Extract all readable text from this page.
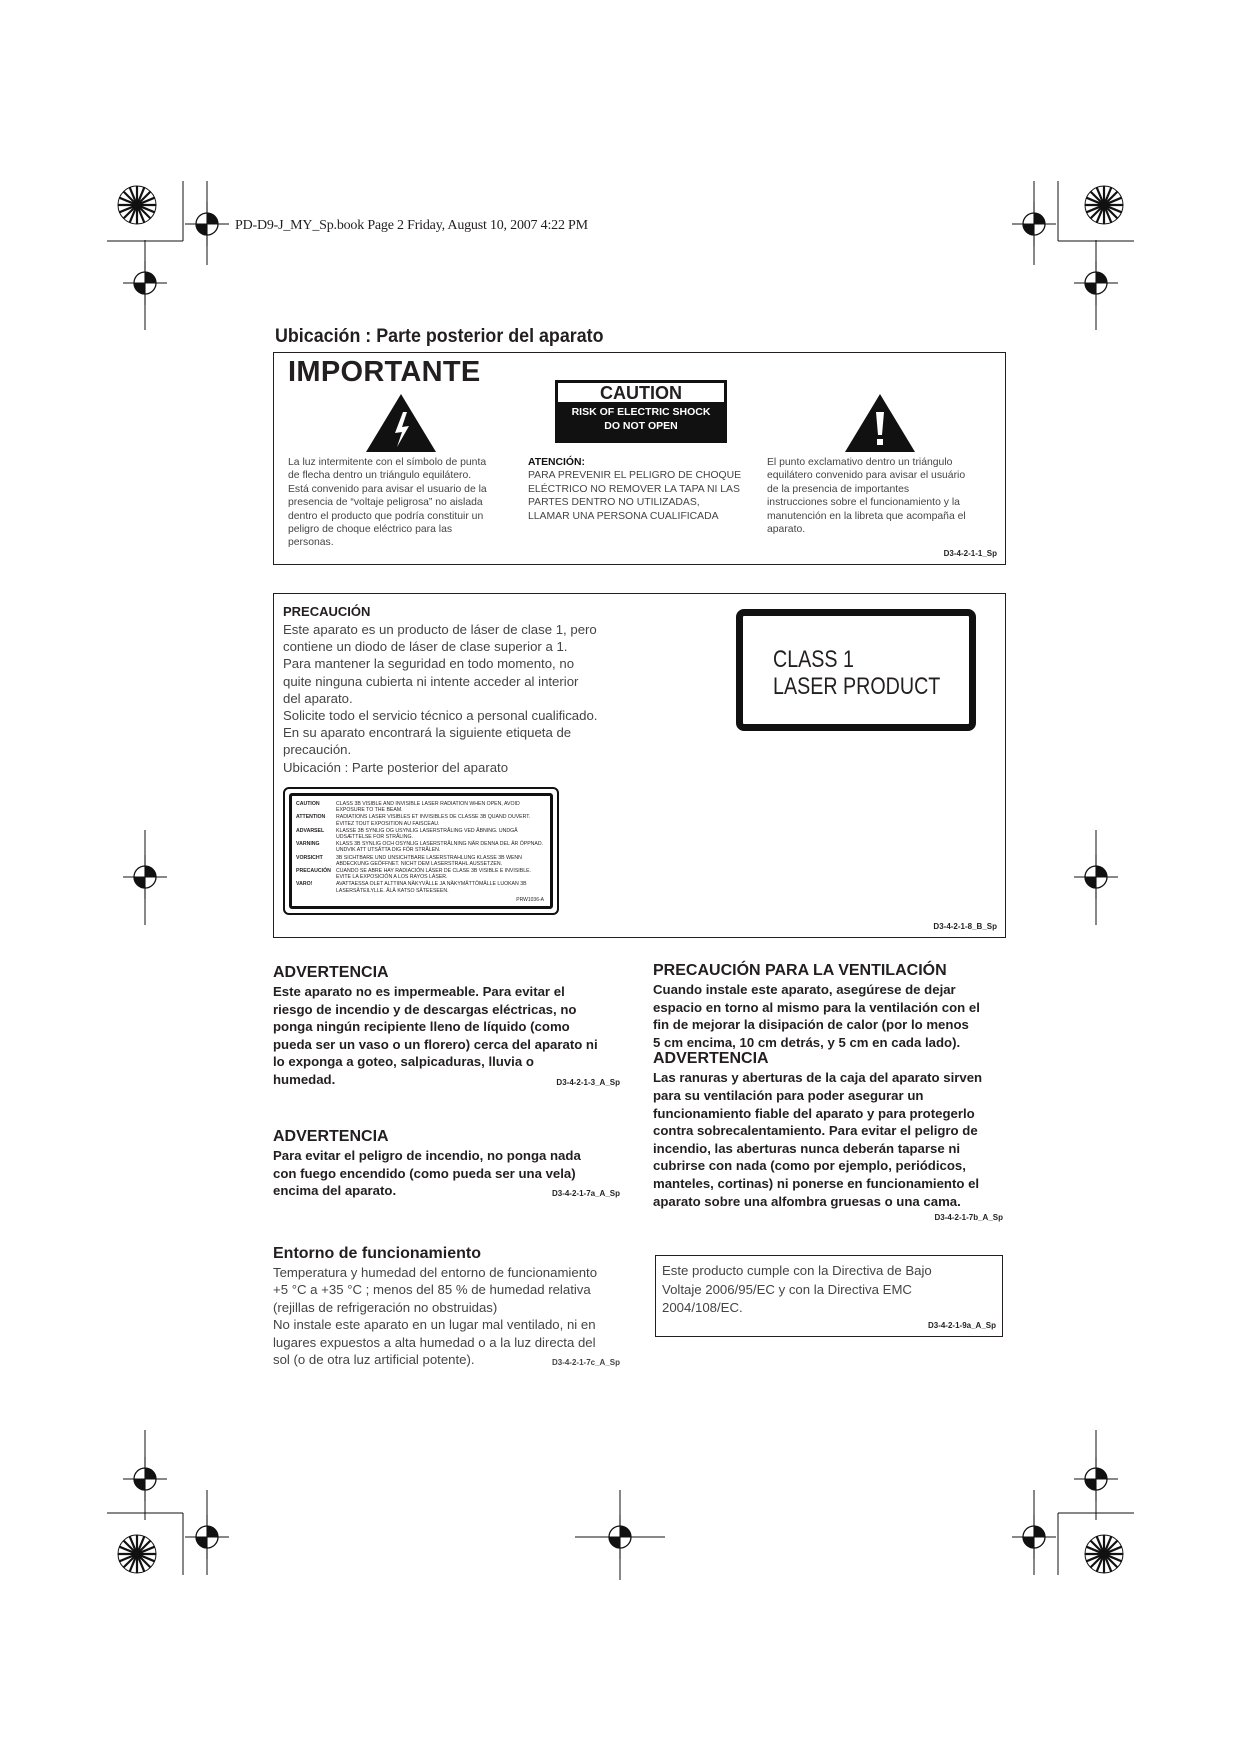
PD-D9-J_MY_Sp.book Page 2 Friday, August 10, 2007 4:22 PM
Ubicación : Parte posterior del aparato
IMPORTANTE
CAUTION
RISK OF ELECTRIC SHOCK
DO NOT OPEN
La luz intermitente con el símbolo de punta
de flecha dentro un triángulo equilátero.
Está convenido para avisar el usuario de la
presencia de “voltaje peligrosa” no aislada
dentro el producto que podría constituir un
peligro de choque eléctrico para las
personas.
ATENCIÓN:
PARA PREVENIR EL PELIGRO DE CHOQUE
ELÉCTRICO NO REMOVER LA TAPA NI LAS
PARTES DENTRO NO UTILIZADAS,
LLAMAR UNA PERSONA CUALIFICADA
El punto exclamativo dentro un triángulo
equilátero convenido para avisar el usuário
de la presencia de importantes
instrucciones sobre el funcionamiento y la
manutención en la libreta que acompaña el
aparato.
D3-4-2-1-1_Sp
PRECAUCIÓN
Este aparato es un producto de láser de clase 1, pero
contiene un diodo de láser de clase superior a 1.
Para mantener la seguridad en todo momento, no
quite ninguna cubierta ni intente acceder al interior
del aparato.
Solicite todo el servicio técnico a personal cualificado.
En su aparato encontrará la siguiente etiqueta de
precaución.
Ubicación : Parte posterior del aparato
CLASS 1
LASER PRODUCT
CAUTION	CLASS 3B VISIBLE AND INVISIBLE LASER RADIATION WHEN OPEN, AVOID EXPOSURE TO THE BEAM.
ATTENTION	RADIATIONS LASER VISIBLES ET INVISIBLES DE CLASSE 3B QUAND OUVERT. ÉVITEZ TOUT EXPOSITION AU FAISCEAU.
ADVARSEL	KLASSE 3B SYNLIG OG USYNLIG LASERSTRÅLING VED ÅBNING. UNDGÅ UDSÆTTELSE FOR STRÅLING.
VARNING	KLASS 3B SYNLIG OCH OSYNLIG LASERSTRÅLNING NÄR DENNA DEL ÄR ÖPPNAD. UNDVIK ATT UTSÄTTA DIG FÖR STRÅLEN.
VORSICHT	3B SICHTBARE UND UNSICHTBARE LASERSTRAHLUNG KLASSE 3B WENN ABDECKUNG GEÖFFNET. NICHT DEM LASERSTRAHL AUSSETZEN.
PRECAUCIÓN CUANDO SE ABRE HAY RADIACIÓN LÁSER DE CLASE 3B VISIBLE E INVISIBLE. EVITE LA EXPOSICIÓN A LOS RAYOS LÁSER.
VARO!	AVATTAESSA OLET ALTTIINA NÄKYVÄLLE JA NÄKYMÄTTÖMÄLLE LUOKAN 3B LASERSÄTEILYLLE. ÄLÄ KATSO SÄTEESEEN.
PRW1036-A
D3-4-2-1-8_B_Sp
ADVERTENCIA
Este aparato no es impermeable. Para evitar el
riesgo de incendio y de descargas eléctricas, no
ponga ningún recipiente lleno de líquido (como
pueda ser un vaso o un florero) cerca del aparato ni
lo exponga a goteo, salpicaduras, lluvia o
humedad.	D3-4-2-1-3_A_Sp
ADVERTENCIA
Para evitar el peligro de incendio, no ponga nada
con fuego encendido (como pueda ser una vela)
encima del aparato.	D3-4-2-1-7a_A_Sp
Entorno de funcionamiento
Temperatura y humedad del entorno de funcionamiento
+5 °C a +35 °C ; menos del 85 % de humedad relativa
(rejillas de refrigeración no obstruidas)
No instale este aparato en un lugar mal ventilado, ni en
lugares expuestos a alta humedad o a la luz directa del
sol (o de otra luz artificial potente).	D3-4-2-1-7c_A_Sp
PRECAUCIÓN PARA LA VENTILACIÓN
Cuando instale este aparato, asegúrese de dejar
espacio en torno al mismo para la ventilación con el
fin de mejorar la disipación de calor (por lo menos
5 cm encima, 10 cm detrás, y 5 cm en cada lado).
ADVERTENCIA
Las ranuras y aberturas de la caja del aparato sirven
para su ventilación para poder asegurar un
funcionamiento fiable del aparato y para protegerlo
contra sobrecalentamiento. Para evitar el peligro de
incendio, las aberturas nunca deberán taparse ni
cubrirse con nada (como por ejemplo, periódicos,
manteles, cortinas) ni ponerse en funcionamiento el
aparato sobre una alfombra gruesas o una cama.
D3-4-2-1-7b_A_Sp
Este producto cumple con la Directiva de Bajo
Voltaje 2006/95/EC y con la Directiva EMC
2004/108/EC.
D3-4-2-1-9a_A_Sp
